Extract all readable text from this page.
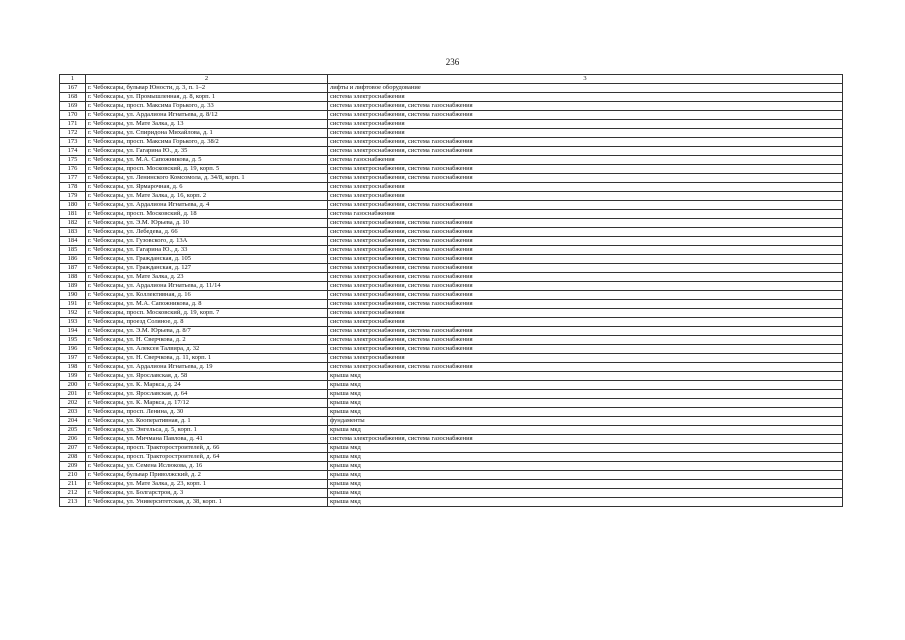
236
1	2	3
167	г. Чебоксары, бульвар Юности, д. 3, п. 1–2	лифты и лифтовое оборудование
168	г. Чебоксары, ул. Промышленная, д. 8, корп. 1	система электроснабжения
169	г. Чебоксары, просп. Максима Горького, д. 33	система электроснабжения, система газоснабжения
170	г. Чебоксары, ул. Ардалиона Игнатьева, д. 8/12	система электроснабжения, система газоснабжения
171	г. Чебоксары, ул. Мате Залка, д. 13	система электроснабжения
172	г. Чебоксары, ул. Спиридона Михайлова, д. 1	система электроснабжения
173	г. Чебоксары, просп. Максима Горького, д. 38/2	система электроснабжения, система газоснабжения
174	г. Чебоксары, ул. Гагарина Ю., д. 35	система электроснабжения, система газоснабжения
175	г. Чебоксары, ул. М.А. Сапожникова, д. 5	система газоснабжения
176	г. Чебоксары, просп. Московский, д. 19, корп. 5	система электроснабжения, система газоснабжения
177	г. Чебоксары, ул. Ленинского Комсомола, д. 34/8, корп. 1	система электроснабжения, система газоснабжения
178	г. Чебоксары, ул. Ярмарочная, д. 6	система электроснабжения
179	г. Чебоксары, ул. Мате Залка, д. 16, корп. 2	система электроснабжения
180	г. Чебоксары, ул. Ардалиона Игнатьева, д. 4	система электроснабжения, система газоснабжения
181	г. Чебоксары, просп. Московский, д. 18	система газоснабжения
182	г. Чебоксары, ул. Э.М. Юрьева, д. 10	система электроснабжения, система газоснабжения
183	г. Чебоксары, ул. Лебедева, д. 66	система электроснабжения, система газоснабжения
184	г. Чебоксары, ул. Гузовского, д. 13А	система электроснабжения, система газоснабжения
185	г. Чебоксары, ул. Гагарина Ю., д. 33	система электроснабжения, система газоснабжения
186	г. Чебоксары, ул. Гражданская, д. 105	система электроснабжения, система газоснабжения
187	г. Чебоксары, ул. Гражданская, д. 127	система электроснабжения, система газоснабжения
188	г. Чебоксары, ул. Мате Залка, д. 23	система электроснабжения, система газоснабжения
189	г. Чебоксары, ул. Ардалиона Игнатьева, д. 11/14	система электроснабжения, система газоснабжения
190	г. Чебоксары, ул. Коллективная, д. 16	система электроснабжения, система газоснабжения
191	г. Чебоксары, ул. М.А. Сапожникова, д. 8	система электроснабжения, система газоснабжения
192	г. Чебоксары, просп. Московский, д. 19, корп. 7	система электроснабжения
193	г. Чебоксары, проезд Соляное, д. 8	система электроснабжения
194	г. Чебоксары, ул. Э.М. Юрьева, д. 8/7	система электроснабжения, система газоснабжения
195	г. Чебоксары, ул. Н. Сверчкова, д. 2	система электроснабжения, система газоснабжения
196	г. Чебоксары, ул. Алексея Талвира, д. 32	система электроснабжения, система газоснабжения
197	г. Чебоксары, ул. Н. Сверчкова, д. 11, корп. 1	система электроснабжения
198	г. Чебоксары, ул. Ардалиона Игнатьева, д. 19	система электроснабжения, система газоснабжения
199	г. Чебоксары, ул. Ярославская, д. 58	крыша мкд
200	г. Чебоксары, ул. К. Маркса, д. 24	крыша мкд
201	г. Чебоксары, ул. Ярославская, д. 64	крыша мкд
202	г. Чебоксары, ул. К. Маркса, д. 17/12	крыша мкд
203	г. Чебоксары, просп. Ленина, д. 30	крыша мкд
204	г. Чебоксары, ул. Кооперативная, д. 1	фундаменты
205	г. Чебоксары, ул. Энгельса, д. 5, корп. 1	крыша мкд
206	г. Чебоксары, ул. Мичмана Павлова, д. 41	система электроснабжения, система газоснабжения
207	г. Чебоксары, просп. Тракторостроителей, д. 66	крыша мкд
208	г. Чебоксары, просп. Тракторостроителей, д. 64	крыша мкд
209	г. Чебоксары, ул. Семена Ислюкова, д. 16	крыша мкд
210	г. Чебоксары, бульвар Приволжский, д. 2	крыша мкд
211	г. Чебоксары, ул. Мате Залка, д. 23, корп. 1	крыша мкд
212	г. Чебоксары, ул. Болгарстроя, д. 3	крыша мкд
213	г. Чебоксары, ул. Университетская, д. 38, корп. 1	крыша мкд
